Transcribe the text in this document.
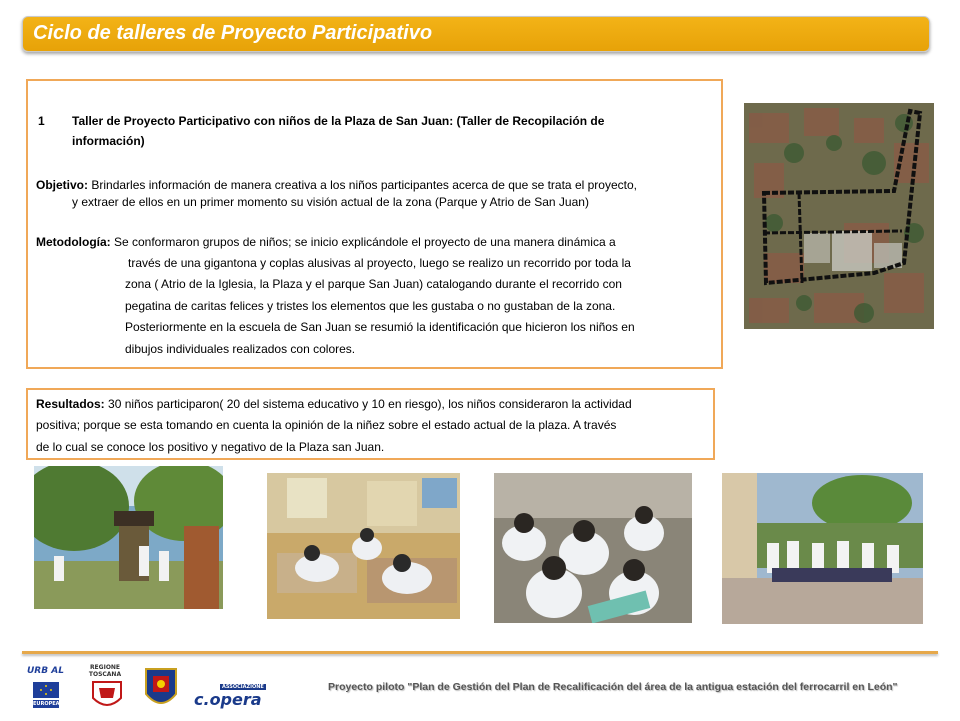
Ciclo de talleres de Proyecto Participativo
1 Taller de Proyecto Participativo con niños de la Plaza de San Juan: (Taller de Recopilación de
información)
Objetivo: Brindarles información de manera creativa a los niños participantes acerca de que se trata el proyecto,
y extraer de ellos en un primer momento su visión actual de la zona (Parque y Atrio de San Juan)
Metodología: Se conformaron grupos de niños; se inicio explicándole el proyecto de una manera dinámica a
través de una gigantona y coplas alusivas al proyecto, luego se realizo un recorrido por toda la
zona ( Atrio de la Iglesia, la Plaza y el parque San Juan) catalogando durante el recorrido con
pegatina de caritas felices y tristes los elementos que les gustaba o no gustaban de la zona.
Posteriormente en la escuela de San Juan se resumió la identificación que hicieron los niños en
dibujos individuales realizados con colores.
Resultados: 30 niños participaron( 20 del sistema educativo y 10 en riesgo), los niños consideraron la actividad
positiva; porque se esta tomando en cuenta la opinión de la niñez sobre el estado actual de la plaza. A través
de lo cual se conoce los positivo y negativo de la Plaza san Juan.
URB AL
EUROPEAID
REGIONE TOSCANA
ASSOCIAZIONE
c.opera
Proyecto piloto "Plan de Gestión del Plan de Recalificación del área de la antigua estación del ferrocarril en León"
